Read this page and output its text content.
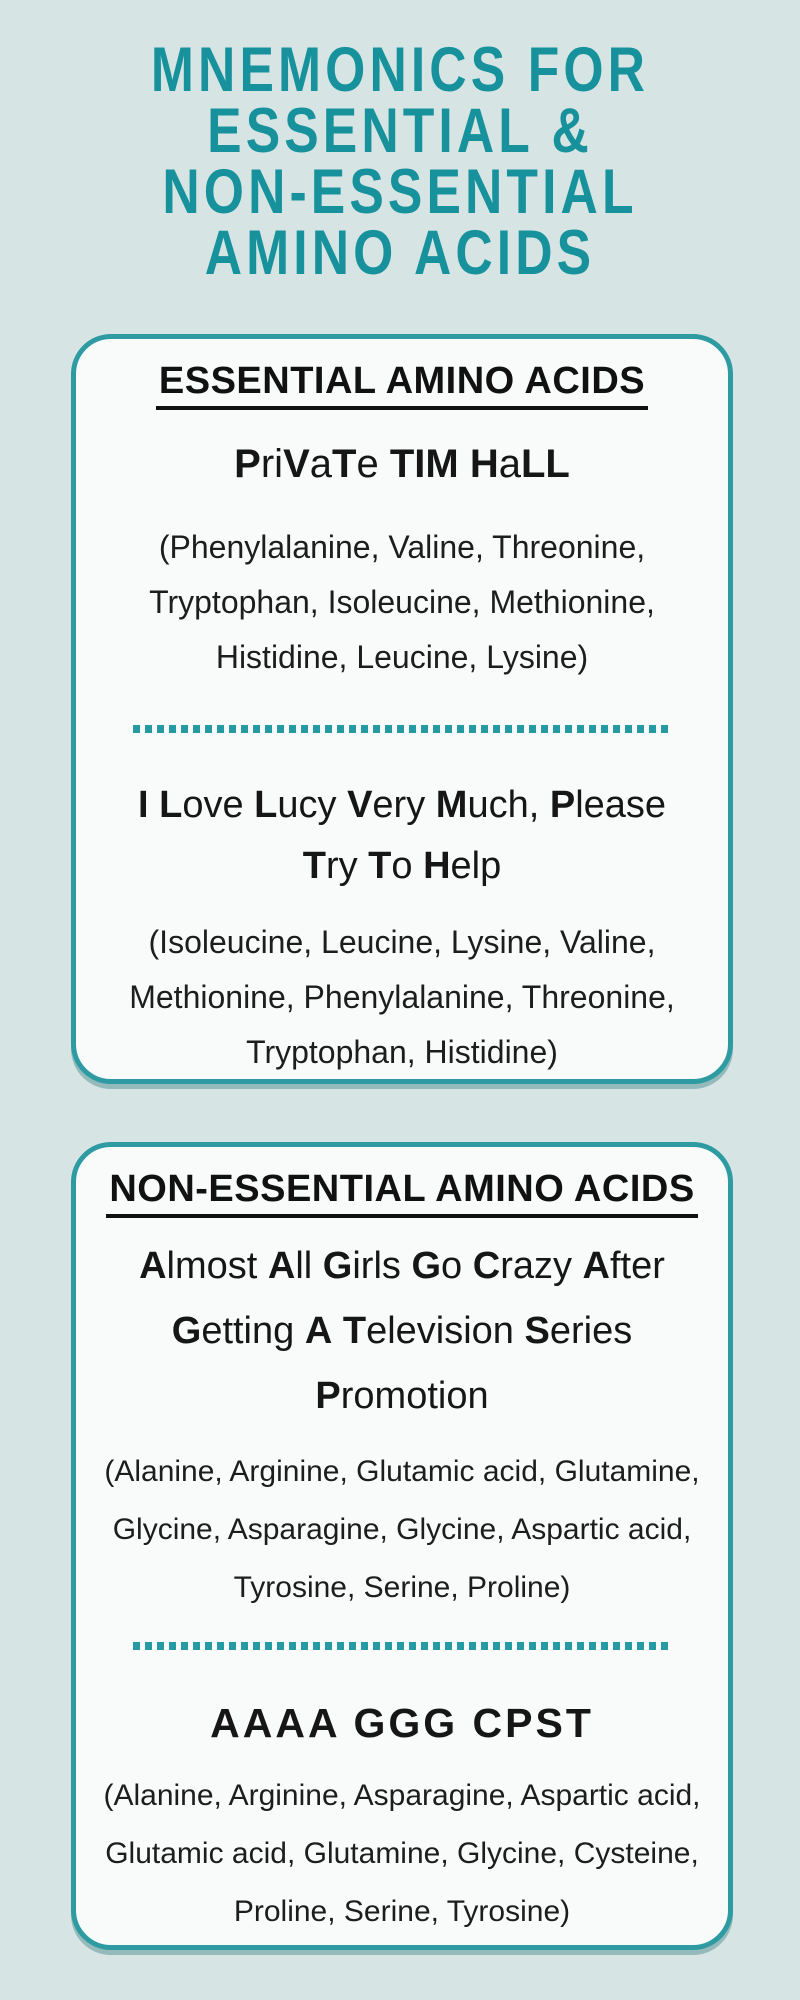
MNEMONICS FOR
ESSENTIAL &
NON-ESSENTIAL
AMINO ACIDS
ESSENTIAL AMINO ACIDS

PriVaTe TIM HaLL

(Phenylalanine, Valine, Threonine,
Tryptophan, Isoleucine, Methionine,
Histidine, Leucine, Lysine)

I Love Lucy Very Much, Please
Try To Help

(Isoleucine, Leucine, Lysine, Valine,
Methionine, Phenylalanine, Threonine,
Tryptophan, Histidine)

NON-ESSENTIAL AMINO ACIDS

Almost All Girls Go Crazy After
Getting A Television Series
Promotion

(Alanine, Arginine, Glutamic acid, Glutamine,
Glycine, Asparagine, Glycine, Aspartic acid,
Tyrosine, Serine, Proline)

AAAA GGG CPST

(Alanine, Arginine, Asparagine, Aspartic acid,
Glutamic acid, Glutamine, Glycine, Cysteine,
Proline, Serine, Tyrosine)
